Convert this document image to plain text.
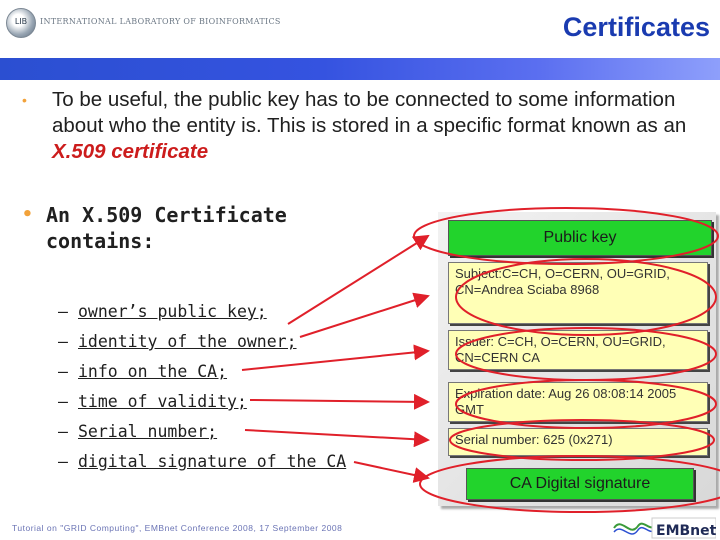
LIB	INTERNATIONAL LABORATORY OF BIOINFORMATICS	Certificates
• To be useful, the public key has to be connected to some information about who the entity is. This is stored in a specific format known as an X.509 certificate
• An X.509 Certificate contains:
– owner’s public key;
– identity of the owner;
– info on the CA;
– time of validity;
– Serial number;
– digital signature of the CA
Public key
Subject:C=CH, O=CERN, OU=GRID, CN=Andrea Sciaba 8968
Issuer: C=CH, O=CERN, OU=GRID, CN=CERN CA
Expiration date: Aug 26 08:08:14 2005 GMT
Serial number: 625 (0x271)
CA Digital signature
Tutorial on "GRID Computing", EMBnet Conference 2008, 17 September 2008	EMBnet
